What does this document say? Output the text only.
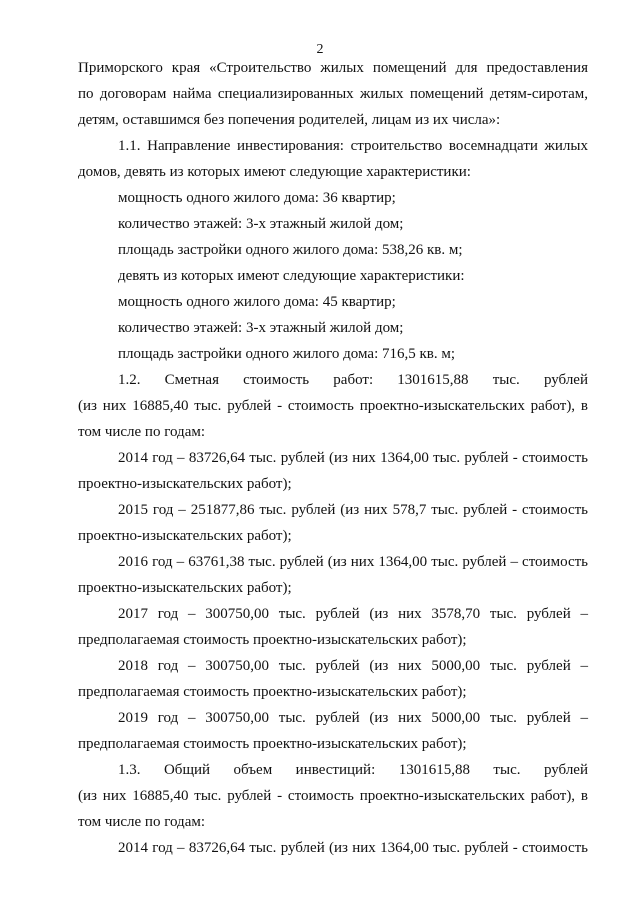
2
Приморского края «Строительство жилых помещений для предоставления
по договорам найма специализированных жилых помещений детям-сиротам,
детям, оставшимся без попечения родителей, лицам из их числа»:
1.1. Направление инвестирования: строительство восемнадцати жилых
домов, девять из которых имеют следующие характеристики:
мощность одного жилого дома: 36 квартир;
количество этажей: 3-х этажный жилой дом;
площадь застройки одного жилого дома: 538,26 кв. м;
девять из которых имеют следующие характеристики:
мощность одного жилого дома: 45 квартир;
количество этажей: 3-х этажный жилой дом;
площадь застройки одного жилого дома: 716,5 кв. м;
1.2. Сметная стоимость работ: 1301615,88 тыс. рублей
(из них 16885,40 тыс. рублей - стоимость проектно-изыскательских работ), в
том числе по годам:
2014 год – 83726,64 тыс. рублей (из них 1364,00 тыс. рублей - стоимость
проектно-изыскательских работ);
2015 год – 251877,86 тыс. рублей (из них 578,7 тыс. рублей - стоимость
проектно-изыскательских работ);
2016 год – 63761,38 тыс. рублей (из них 1364,00 тыс. рублей – стоимость
проектно-изыскательских работ);
2017 год – 300750,00 тыс. рублей (из них 3578,70 тыс. рублей –
предполагаемая стоимость проектно-изыскательских работ);
2018 год – 300750,00 тыс. рублей (из них 5000,00 тыс. рублей –
предполагаемая стоимость проектно-изыскательских работ);
2019 год – 300750,00 тыс. рублей (из них 5000,00 тыс. рублей –
предполагаемая стоимость проектно-изыскательских работ);
1.3. Общий объем инвестиций: 1301615,88 тыс. рублей
(из них 16885,40 тыс. рублей - стоимость проектно-изыскательских работ), в
том числе по годам:
2014 год – 83726,64 тыс. рублей (из них 1364,00 тыс. рублей - стоимость
